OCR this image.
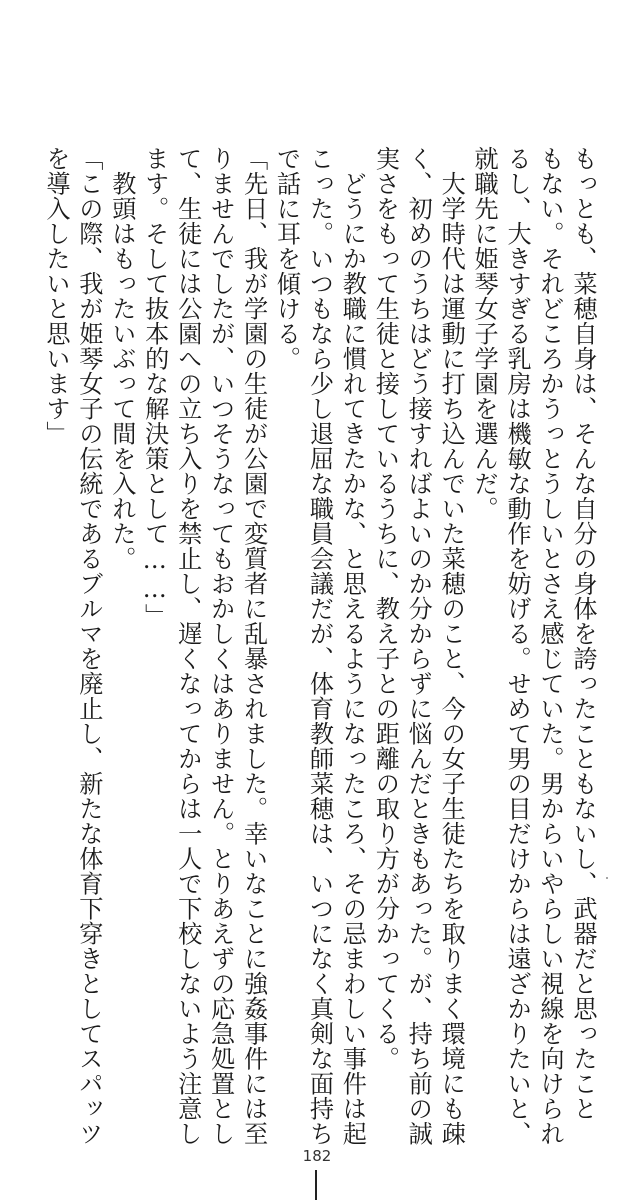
もっとも、菜穂自身は、そんな自分の身体を誇ったこともないし、武器だと思ったこと
もない。それどころかうっとうしいとさえ感じていた。男からいやらしい視線を向けられ
るし、大きすぎる乳房は機敏な動作を妨げる。せめて男の目だけからは遠ざかりたいと、
就職先に姫琴女子学園を選んだ。
　大学時代は運動に打ち込んでいた菜穂のこと、今の女子生徒たちを取りまく環境にも疎
く、初めのうちはどう接すればよいのか分からずに悩んだときもあった。が、持ち前の誠
実さをもって生徒と接しているうちに、教え子との距離の取り方が分かってくる。
　どうにか教職に慣れてきたかな、と思えるようになったころ、その忌まわしい事件は起
こった。いつもなら少し退屈な職員会議だが、体育教師菜穂は、いつになく真剣な面持ち
で話に耳を傾ける。
「先日、我が学園の生徒が公園で変質者に乱暴されました。幸いなことに強姦事件には至
りませんでしたが、いつそうなってもおかしくはありません。とりあえずの応急処置とし
て、生徒には公園への立ち入りを禁止し、遅くなってからは一人で下校しないよう注意し
ます。そして抜本的な解決策として……」
　教頭はもったいぶって間を入れた。
「この際、我が姫琴女子の伝統であるブルマを廃止し、新たな体育下穿きとしてスパッツ
を導入したいと思います」
182
